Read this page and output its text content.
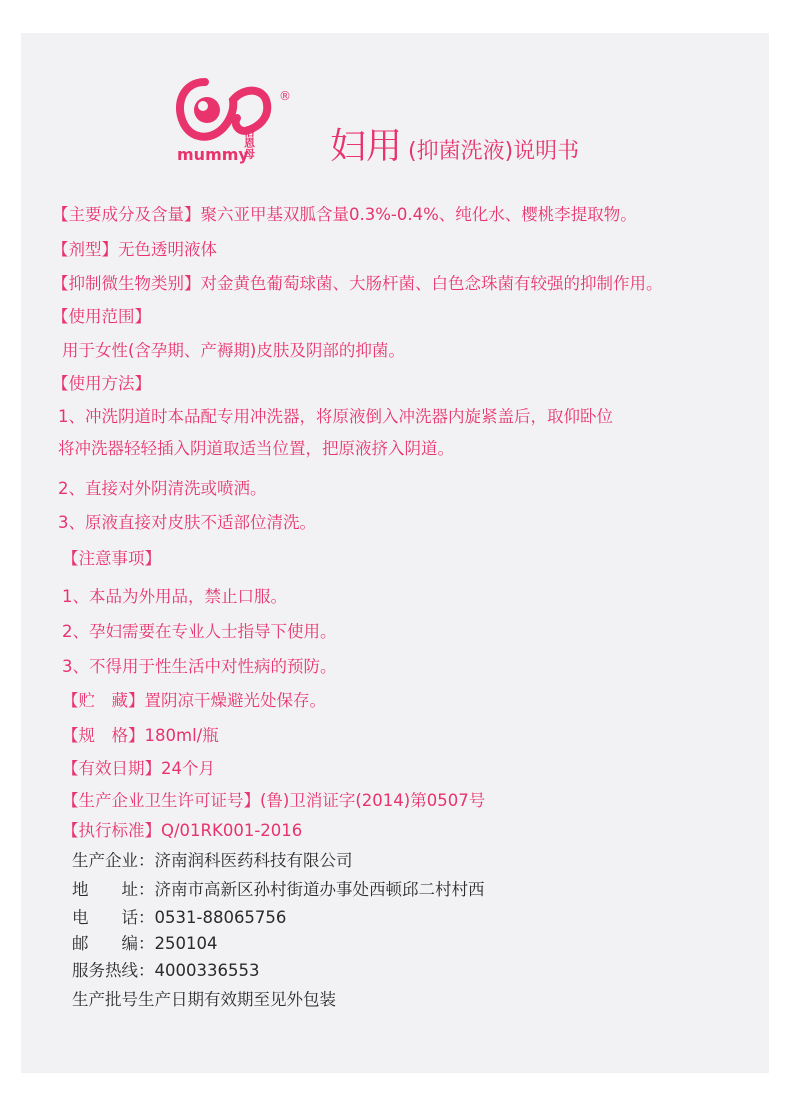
倍恩母
®
mummy 妇用 (抑菌洗液)说明书
【主要成分及含量】聚六亚甲基双胍含量0.3%-0.4%、纯化水、樱桃李提取物。
【剂型】无色透明液体
【抑制微生物类别】对金黄色葡萄球菌、大肠杆菌、白色念珠菌有较强的抑制作用。
【使用范围】
用于女性(含孕期、产褥期)皮肤及阴部的抑菌。
【使用方法】
1、冲洗阴道时本品配专用冲洗器，将原液倒入冲洗器内旋紧盖后，取仰卧位
将冲洗器轻轻插入阴道取适当位置，把原液挤入阴道。
2、直接对外阴清洗或喷洒。
3、原液直接对皮肤不适部位清洗。
【注意事项】
1、本品为外用品，禁止口服。
2、孕妇需要在专业人士指导下使用。
3、不得用于性生活中对性病的预防。
【贮　藏】置阴凉干燥避光处保存。
【规　格】180ml/瓶
【有效日期】24个月
【生产企业卫生许可证号】(鲁)卫消证字(2014)第0507号
【执行标准】Q/01RK001-2016
生产企业：济南润科医药科技有限公司
地　　址：济南市高新区孙村街道办事处西顿邱二村村西
电　　话：0531-88065756
邮　　编：250104
服务热线：4000336553
生产批号生产日期有效期至见外包装
